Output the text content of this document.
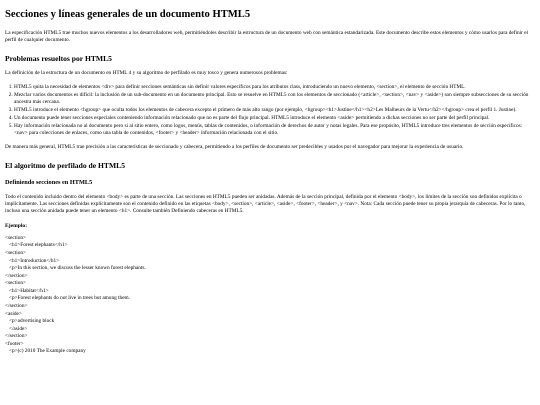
Secciones y líneas generales de un documento HTML5

La especificación HTML5 trae muchos nuevos elementos a los desarrolladores web, permitiéndoles describir la estructura de un documento web con semántica estandarizada. Este documento describe estos elementos y cómo usarlos para definir el perfil de cualquier documento.

Problemas resueltos por HTML5

La definición de la estructura de un documento en HTML 4 y su algoritmo de perfilado es muy tosco y genera numerosos problemas:

1. HTML5 quita la necesidad de elementos <div> para definir secciones semánticas sin definir valores específicos para los atributos class, introduciendo un nuevo elemento, <section>, el elemento de sección HTML.
2. Mezclar varios documentos es difícil: la inclusión de un sub-documento en un documento principal. Esto se resuelve en HTML5 con los elementos de seccionado (<article>, <section>, <nav> y <aside>) son siempre subsecciones de su sección ancestra más cercana.
3. HTML5 introduce el elemento <hgroup> que oculta todos los elementos de cabecera excepto el primero de más alto rango (por ejemplo, <hgroup><h1>Justine</h1><h2>Les Malheurs de la Vertu</h2></hgroup> crea el perfil 1. Justine).
4. Un documento puede tener secciones especiales conteniendo información relacionado que no es parte del flujo principal. HTML5 introduce el elemento <aside> permitiendo a dichas secciones no ser parte del perfil principal.
5. Hay información relacionada no al documento pero si al sitio entero, como logos, menús, tablas de contenidos, o información de derechos de autor y notas legales. Para ese propósito, HTML5 introduce tres elementos de sección específicos: <nav> para colecciones de enlaces, como una tabla de contenidos, <footer> y <header> información relacionada con el sitio.

De manera más general, HTML5 trae precisión a las características de seccionado y cabecera, permitiendo a los perfiles de documento ser predecibles y usados por el navegador para mejorar la experiencia de usuario.

El algoritmo de perfilado de HTML5
Definiendo secciones en HTML5

Todo el contenido incluido dentro del elemento <body> es parte de una sección. Las secciones en HTML5 pueden ser anidadas. Además de la sección principal, definida por el elemento <body>, los límites de la sección son definidos explícita o implícitamente. Las secciones definidas explícitamente son el contenido definido en las etiquetas <body>, <section>, <article>, <aside>, <footer>, <header>, y <nav>. Nota: Cada sección puede tener su propia jerarquía de cabeceras. Por lo tanto, incluso una sección anidada puede tener un elemento <h1>. Consulte también Definiendo cabeceras en HTML5.

Ejemplo:
<section>
<h1>Forest elephants</h1>
<section>
<h1>Introduction</h1>
<p>In this section, we discuss the lesser known forest elephants.
</section>
<section>
<h1>Habitat</h1>
<p>Forest elephants do not live in trees but among them.
</section>
<aside>
<p>advertising block
</aside>
</section>
<footer>
<p>(c) 2010 The Example company
